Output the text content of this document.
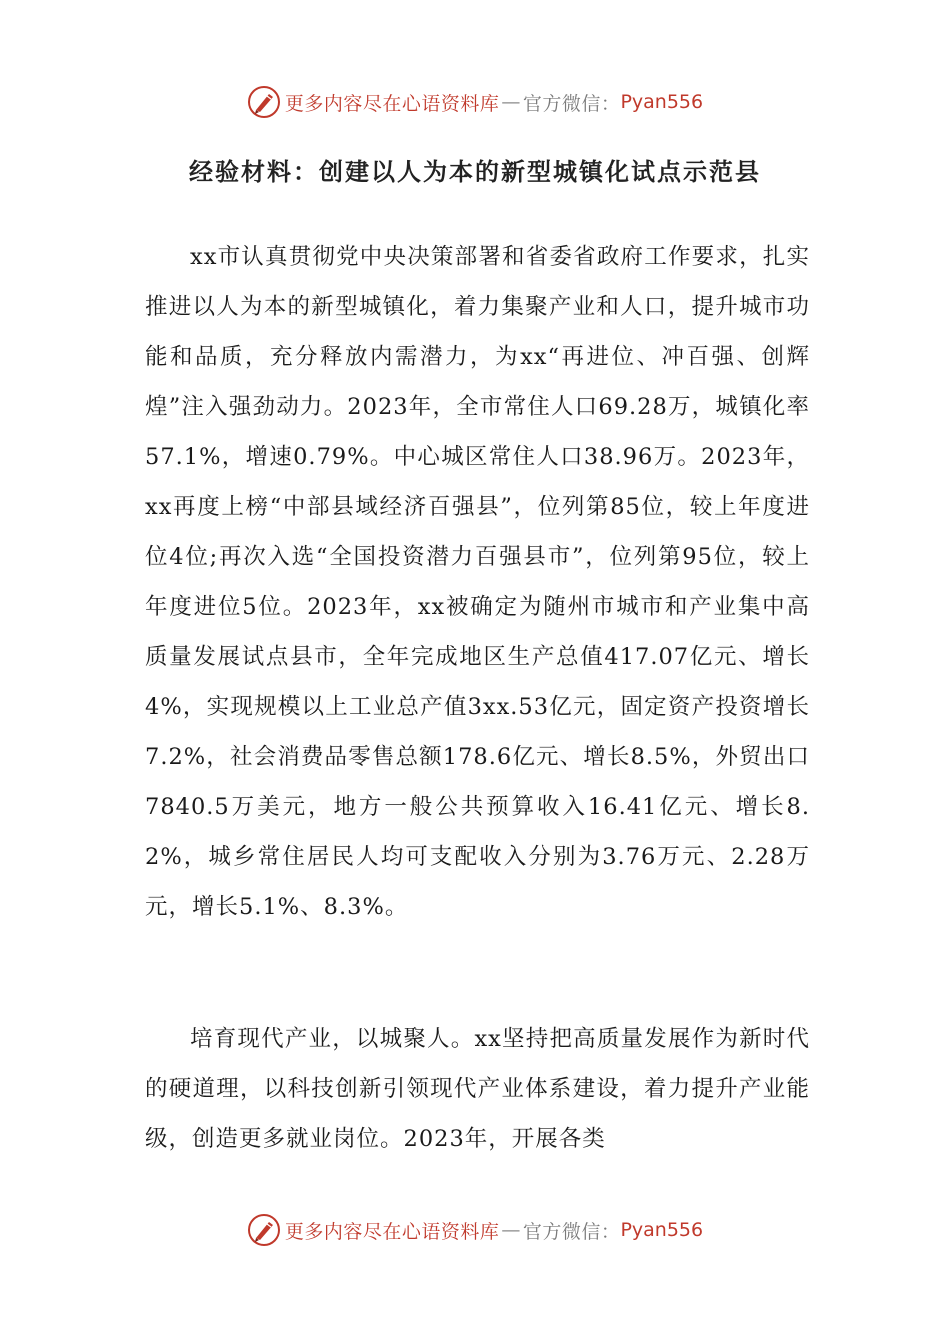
更多内容尽在心语资料库 — 官方微信： Pyan556
经验材料：创建以人为本的新型城镇化试点示范县

xx市认真贯彻党中央决策部署和省委省政府工作要求，扎实推进以人为本的新型城镇化，着力集聚产业和人口，提升城市功能和品质，充分释放内需潜力，为xx“再进位、冲百强、创辉煌”注入强劲动力。2023年，全市常住人口69.28万，城镇化率57.1%，增速0.79%。中心城区常住人口38.96万。2023年，xx再度上榜“中部县域经济百强县”，位列第85位，较上年度进位4位;再次入选“全国投资潜力百强县市”，位列第95位，较上年度进位5位。2023年，xx被确定为随州市城市和产业集中高质量发展试点县市，全年完成地区生产总值417.07亿元、增长4%，实现规模以上工业总产值3xx.53亿元，固定资产投资增长7.2%，社会消费品零售总额178.6亿元、增长8.5%，外贸出口7840.5万美元，地方一般公共预算收入16.41亿元、增长8.2%，城乡常住居民人均可支配收入分别为3.76万元、2.28万元，增长5.1%、8.3%。

培育现代产业，以城聚人。xx坚持把高质量发展作为新时代的硬道理，以科技创新引领现代产业体系建设，着力提升产业能级，创造更多就业岗位。2023年，开展各类

更多内容尽在心语资料库 — 官方微信： Pyan556
